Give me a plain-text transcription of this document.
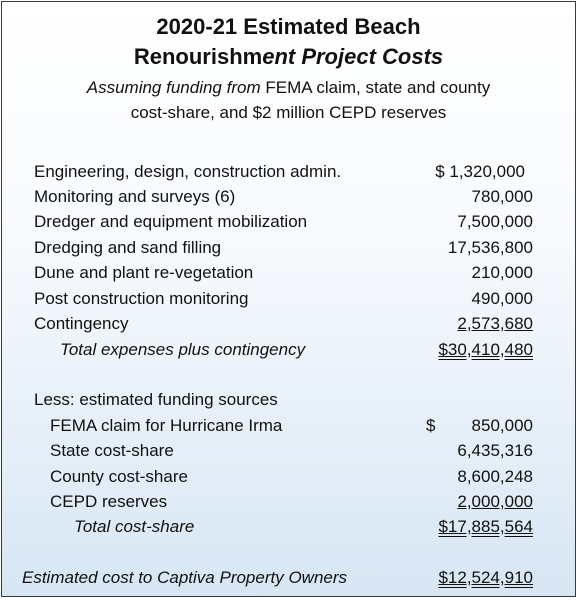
2020-21 Estimated Beach
Renourishment Project Costs
Assuming funding from FEMA claim, state and county
cost-share, and $2 million CEPD reserves
Engineering, design, construction admin.	$ 1,320,000
Monitoring and surveys (6)	780,000
Dredger and equipment mobilization	7,500,000
Dredging and sand filling	17,536,800
Dune and plant re-vegetation	210,000
Post construction monitoring	490,000
Contingency	2,573,680
Total expenses plus contingency	$30,410,480
Less: estimated funding sources
FEMA claim for Hurricane Irma	$ 850,000
State cost-share	6,435,316
County cost-share	8,600,248
CEPD reserves	2,000,000
Total cost-share	$17,885,564
Estimated cost to Captiva Property Owners	$12,524,910
